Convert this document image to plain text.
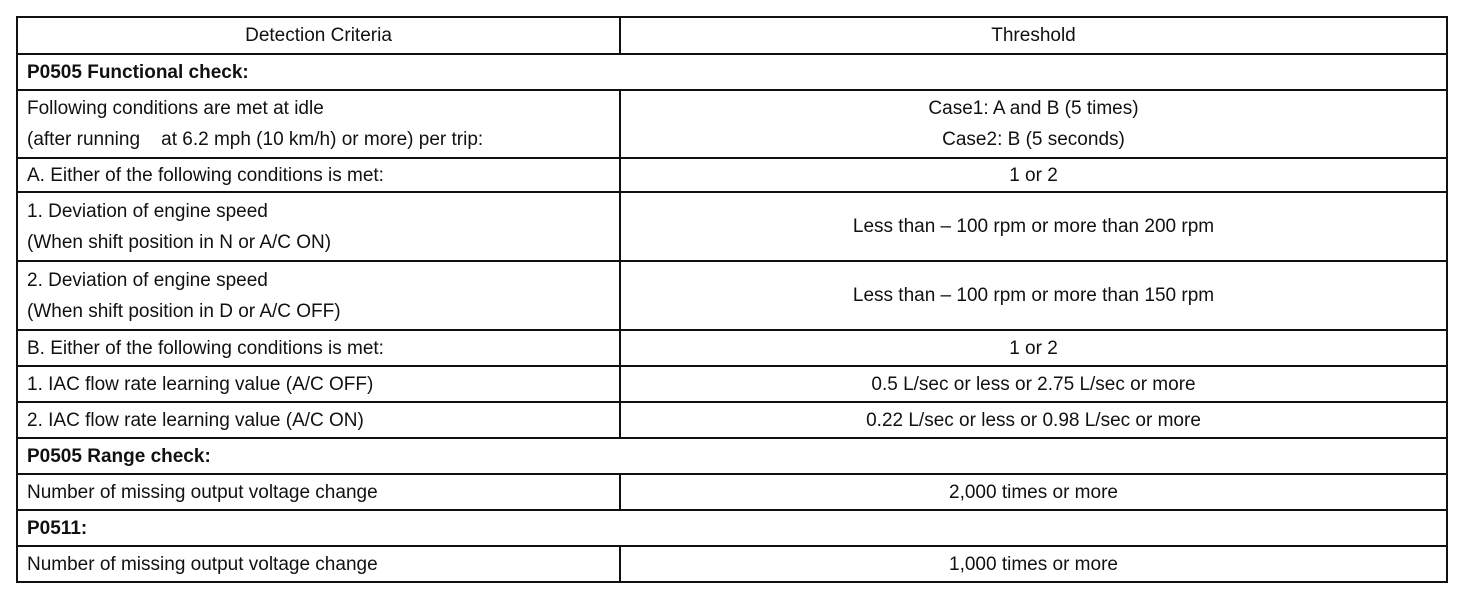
Detection Criteria	Threshold
P0505 Functional check:	

Following conditions are met at idle
(after running    at 6.2 mph (10 km/h) or more) per trip:	Case1: A and B (5 times)
Case2: B (5 seconds)

A. Either of the following conditions is met:	1 or 2

1. Deviation of engine speed
(When shift position in N or A/C ON)	Less than – 100 rpm or more than 200 rpm

2. Deviation of engine speed
(When shift position in D or A/C OFF)	Less than – 100 rpm or more than 150 rpm
B. Either of the following conditions is met:	1 or 2
1. IAC flow rate learning value (A/C OFF)	0.5 L/sec or less or 2.75 L/sec or more
2. IAC flow rate learning value (A/C ON)	0.22 L/sec or less or 0.98 L/sec or more
P0505 Range check:	
Number of missing output voltage change	2,000 times or more
P0511:	
Number of missing output voltage change	1,000 times or more
